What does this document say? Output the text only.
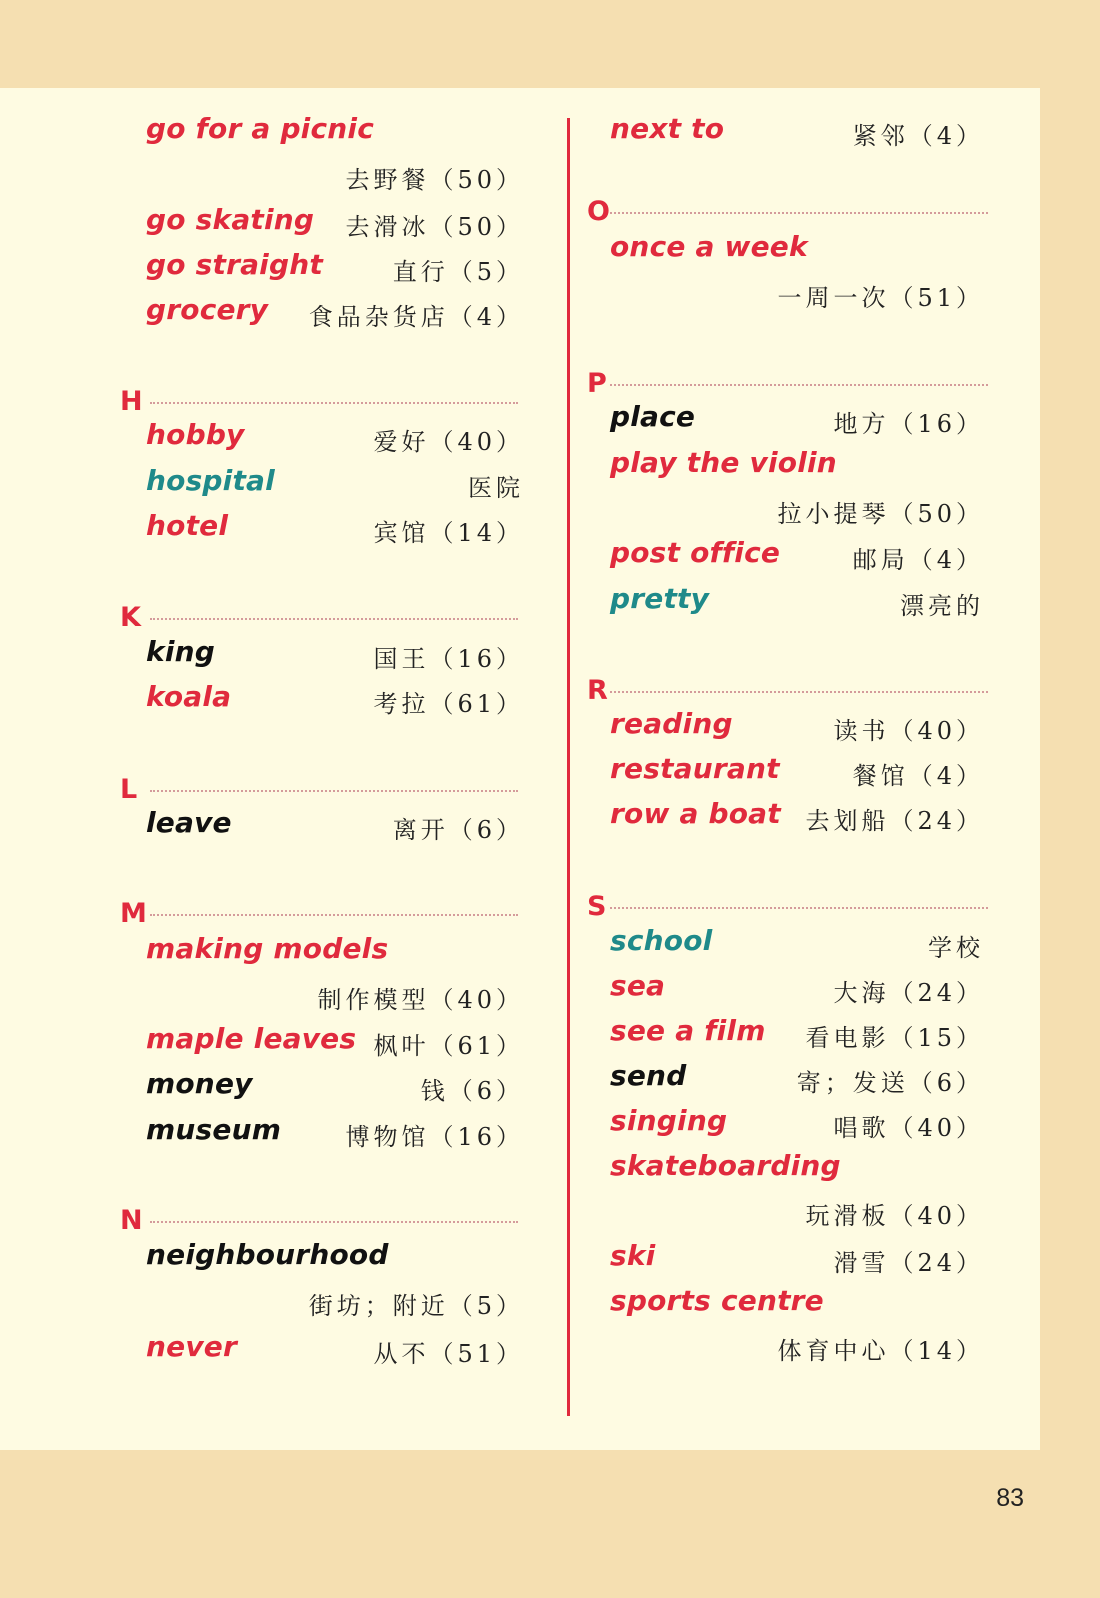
go for a picnic
去野餐（50）
go skating 去滑冰（50）
go straight	直行（5）
grocery 食品杂货店（4）
H
hobby	爱好（40）
hospital	医院
hotel	宾馆（14）
K
king	国王（16）
koala	考拉（61）
L
leave	离开（6）
M
making models
制作模型（40）
maple leaves 枫叶（61）
money	钱（6）
museum	博物馆（16）
N
neighbourhood
街坊；附近（5）
never	从不（51）
next to	紧邻（4）
O
once a week
一周一次（51）
P
place	地方（16）
play the violin
拉小提琴（50）
post office	邮局（4）
pretty	漂亮的
R
reading	读书（40）
restaurant	餐馆（4）
row a boat 去划船（24）
S
school	学校
sea	大海（24）
see a film 看电影（15）
send	寄；发送（6）
singing	唱歌（40）
skateboarding
玩滑板（40）
ski	滑雪（24）
sports centre
体育中心（14）
83
